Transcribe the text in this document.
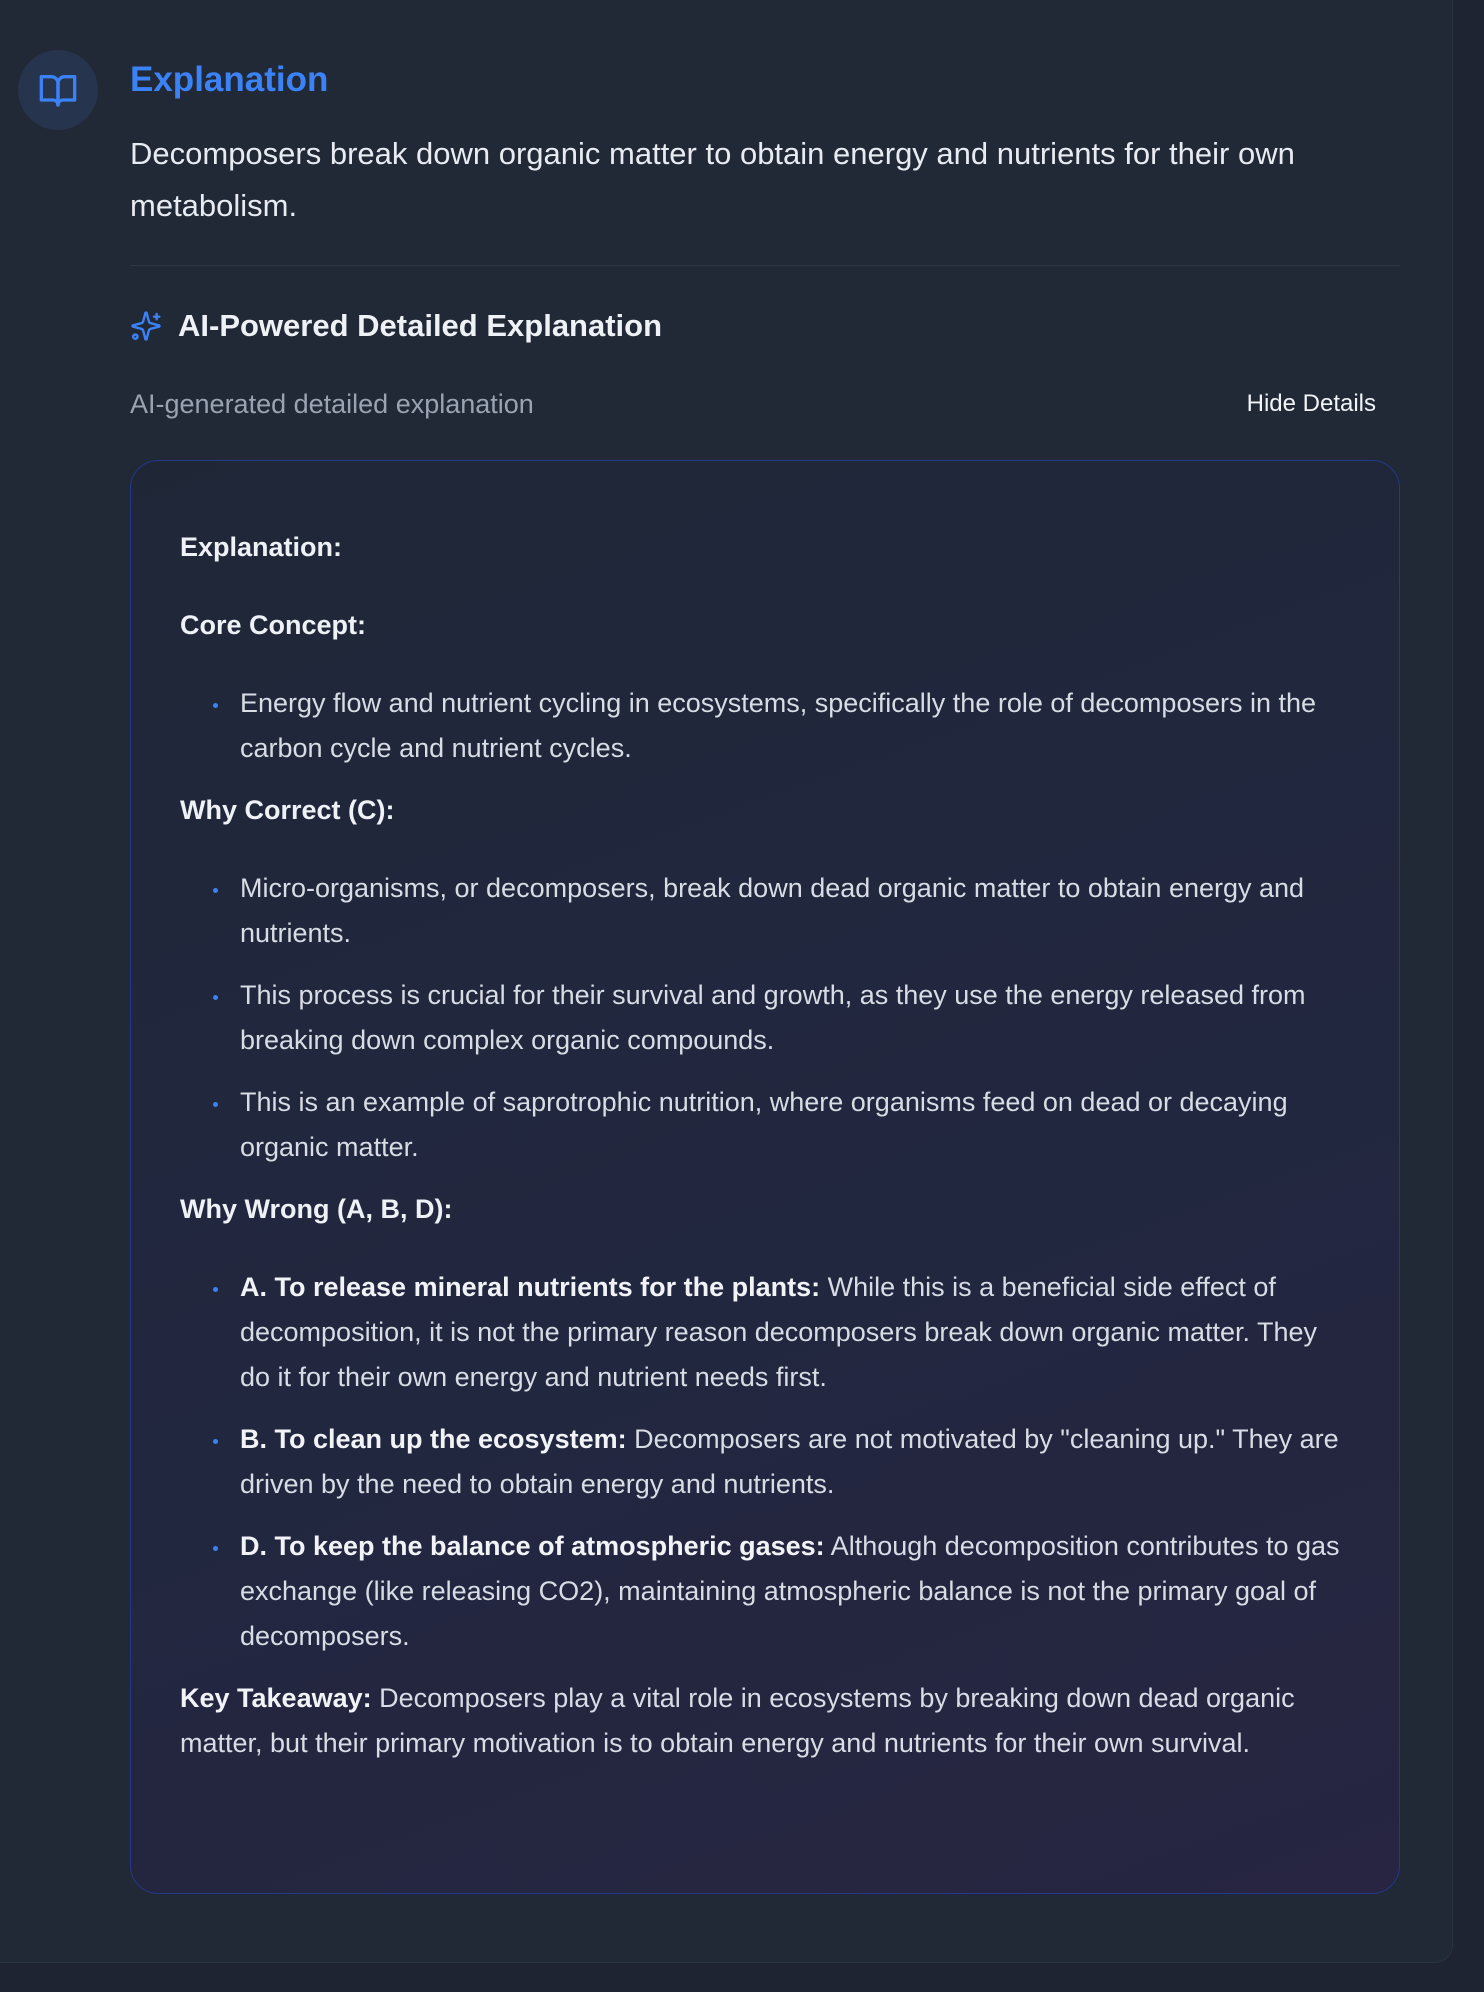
Explanation
Decomposers break down organic matter to obtain energy and nutrients for their own metabolism.
AI-Powered Detailed Explanation
AI-generated detailed explanation	Hide Details
Explanation:
Core Concept:
Energy flow and nutrient cycling in ecosystems, specifically the role of decomposers in the carbon cycle and nutrient cycles.
Why Correct (C):
Micro-organisms, or decomposers, break down dead organic matter to obtain energy and nutrients.
This process is crucial for their survival and growth, as they use the energy released from breaking down complex organic compounds.
This is an example of saprotrophic nutrition, where organisms feed on dead or decaying organic matter.
Why Wrong (A, B, D):
A. To release mineral nutrients for the plants: While this is a beneficial side effect of decomposition, it is not the primary reason decomposers break down organic matter. They do it for their own energy and nutrient needs first.
B. To clean up the ecosystem: Decomposers are not motivated by "cleaning up." They are driven by the need to obtain energy and nutrients.
D. To keep the balance of atmospheric gases: Although decomposition contributes to gas exchange (like releasing CO2), maintaining atmospheric balance is not the primary goal of decomposers.
Key Takeaway: Decomposers play a vital role in ecosystems by breaking down dead organic matter, but their primary motivation is to obtain energy and nutrients for their own survival.
